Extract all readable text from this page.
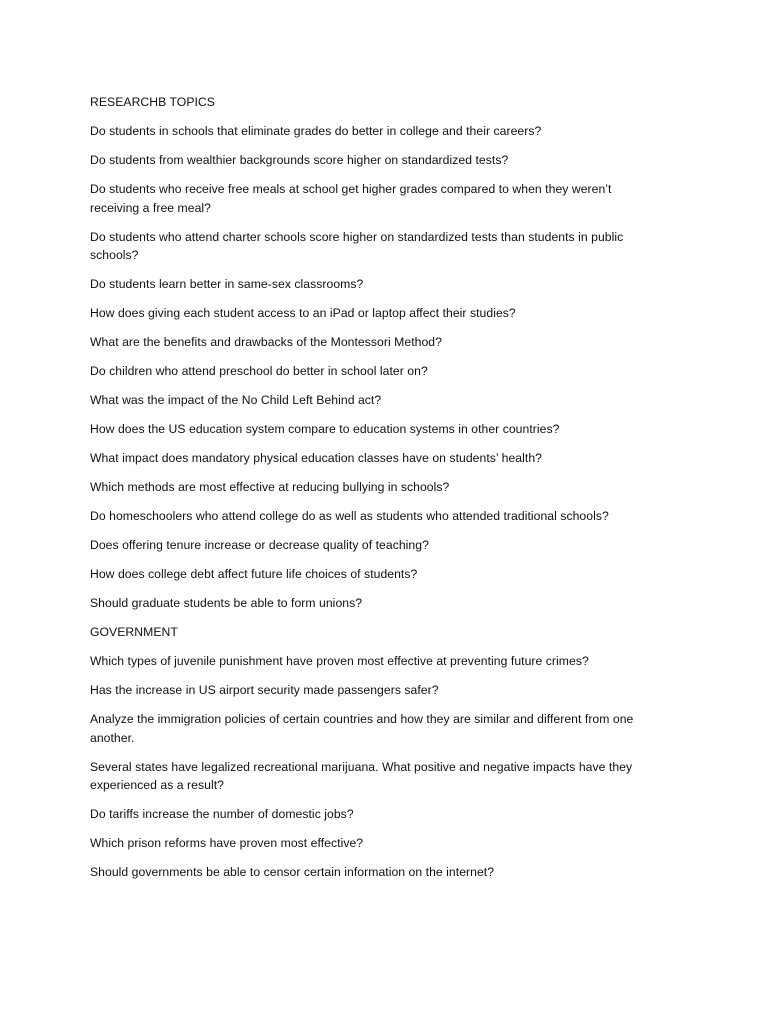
RESEARCHB TOPICS
Do students in schools that eliminate grades do better in college and their careers?
Do students from wealthier backgrounds score higher on standardized tests?
Do students who receive free meals at school get higher grades compared to when they weren’t receiving a free meal?
Do students who attend charter schools score higher on standardized tests than students in public schools?
Do students learn better in same-sex classrooms?
How does giving each student access to an iPad or laptop affect their studies?
What are the benefits and drawbacks of the Montessori Method?
Do children who attend preschool do better in school later on?
What was the impact of the No Child Left Behind act?
How does the US education system compare to education systems in other countries?
What impact does mandatory physical education classes have on students’ health?
Which methods are most effective at reducing bullying in schools?
Do homeschoolers who attend college do as well as students who attended traditional schools?
Does offering tenure increase or decrease quality of teaching?
How does college debt affect future life choices of students?
Should graduate students be able to form unions?
GOVERNMENT
Which types of juvenile punishment have proven most effective at preventing future crimes?
Has the increase in US airport security made passengers safer?
Analyze the immigration policies of certain countries and how they are similar and different from one another.
Several states have legalized recreational marijuana. What positive and negative impacts have they experienced as a result?
Do tariffs increase the number of domestic jobs?
Which prison reforms have proven most effective?
Should governments be able to censor certain information on the internet?
